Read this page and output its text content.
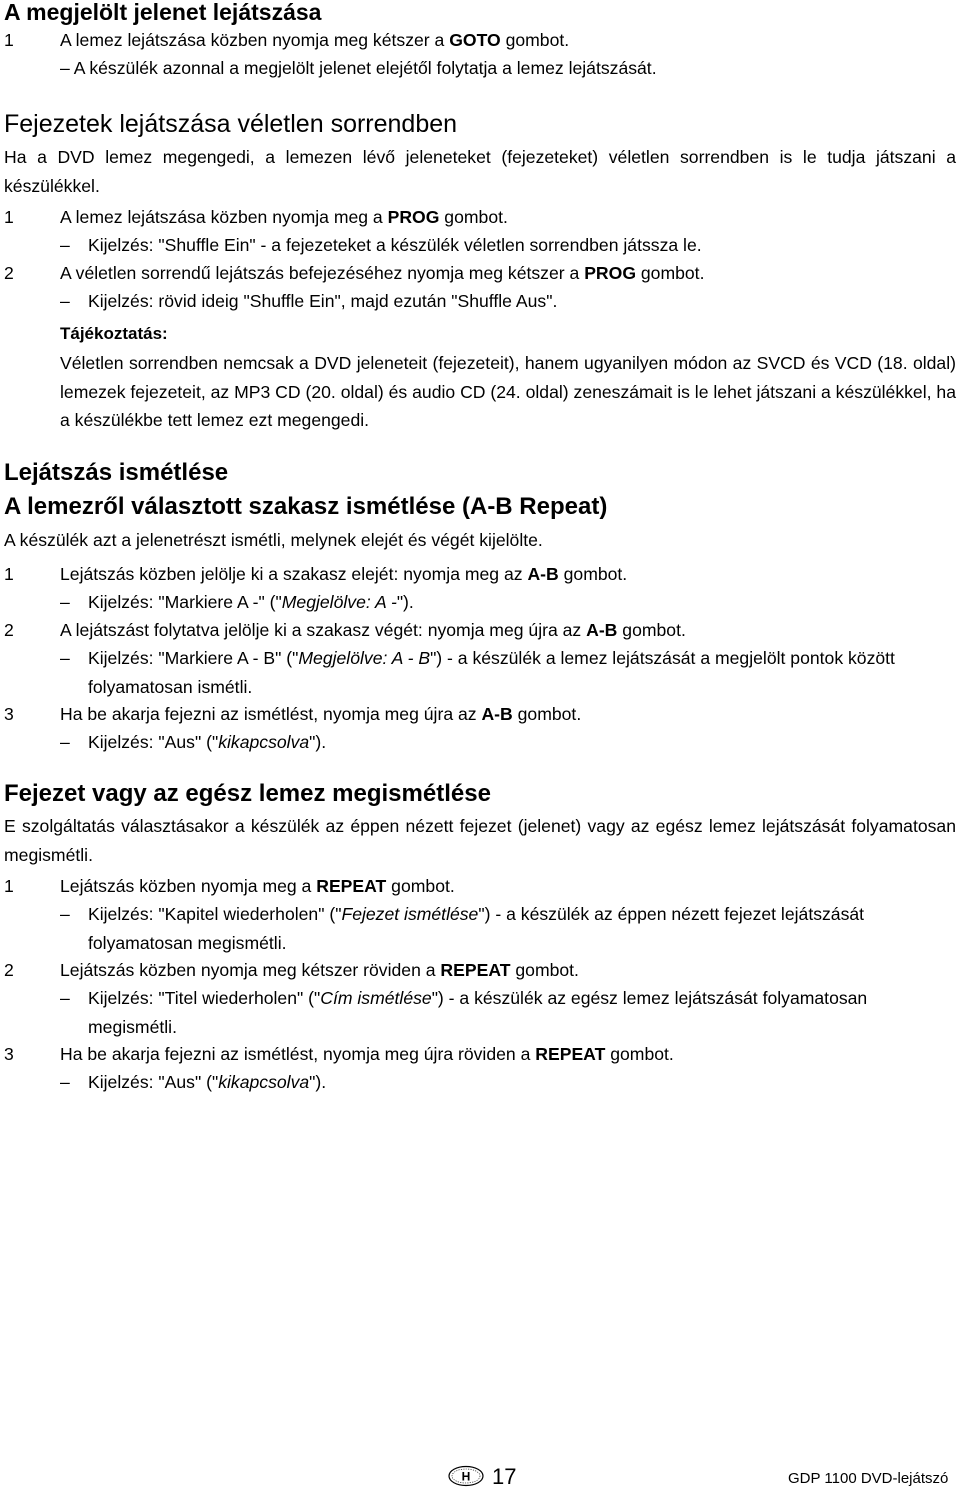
A megjelölt jelenet lejátszása
1	A lemez lejátszása közben nyomja meg kétszer a GOTO gombot.
– A készülék azonnal a megjelölt jelenet elejétől folytatja a lemez lejátszását.
Fejezetek lejátszása véletlen sorrendben
Ha a DVD lemez megengedi, a lemezen lévő jeleneteket (fejezeteket) véletlen sorrendben is le tudja játszani a készülékkel.
1	A lemez lejátszása közben nyomja meg a PROG gombot.
– Kijelzés: "Shuffle Ein" - a fejezeteket a készülék véletlen sorrendben játssza le.
2	A véletlen sorrendű lejátszás befejezéséhez nyomja meg kétszer a PROG gombot.
– Kijelzés: rövid ideig "Shuffle Ein", majd ezután "Shuffle Aus".
Tájékoztatás:
Véletlen sorrendben nemcsak a DVD jeleneteit (fejezeteit), hanem ugyanilyen módon az SVCD és VCD (18. oldal) lemezek fejezeteit, az MP3 CD (20. oldal) és audio CD (24. oldal) zeneszámait is le lehet játszani a készülékkel, ha a készülékbe tett lemez ezt megengedi.
Lejátszás ismétlése
A lemezről választott szakasz ismétlése (A-B Repeat)
A készülék azt a jelenetrészt ismétli, melynek elejét és végét kijelölte.
1	Lejátszás közben jelölje ki a szakasz elejét: nyomja meg az A-B gombot.
– Kijelzés: "Markiere A -" ("Megjelölve: A -").
2	A lejátszást folytatva jelölje ki a szakasz végét: nyomja meg újra az A-B gombot.
– Kijelzés: "Markiere A - B" ("Megjelölve: A - B") - a készülék a lemez lejátszását a megjelölt pontok között folyamatosan ismétli.
3	Ha be akarja fejezni az ismétlést, nyomja meg újra az A-B gombot.
– Kijelzés: "Aus" ("kikapcsolva").
Fejezet vagy az egész lemez megismétlése
E szolgáltatás választásakor a készülék az éppen nézett fejezet (jelenet) vagy az egész lemez lejátszását folyamatosan megismétli.
1	Lejátszás közben nyomja meg a REPEAT gombot.
– Kijelzés: "Kapitel wiederholen" ("Fejezet ismétlése") - a készülék az éppen nézett fejezet lejátszását folyamatosan megismétli.
2	Lejátszás közben nyomja meg kétszer röviden a REPEAT gombot.
– Kijelzés: "Titel wiederholen" ("Cím ismétlése") - a készülék az egész lemez lejátszását folyamatosan megismétli.
3	Ha be akarja fejezni az ismétlést, nyomja meg újra röviden a REPEAT gombot.
– Kijelzés: "Aus" ("kikapcsolva").
H 17	GDP 1100 DVD-lejátszó
